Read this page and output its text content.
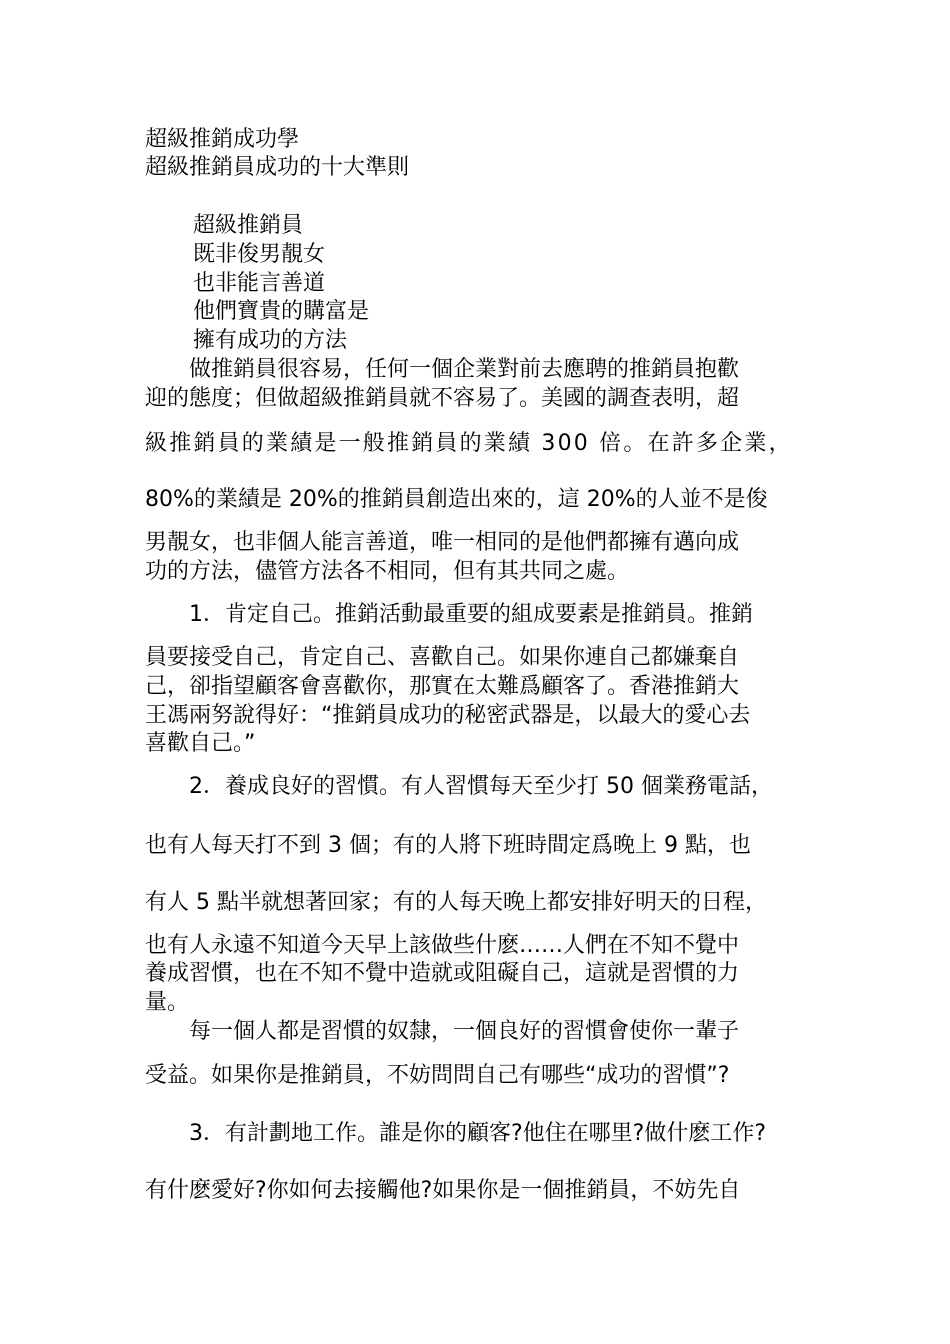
超級推銷成功學
超級推銷員成功的十大準則
超級推銷員
既非俊男靚女
也非能言善道
他們寶貴的購富是
擁有成功的方法
　　做推銷員很容易，任何一個企業對前去應聘的推銷員抱歡
迎的態度；但做超級推銷員就不容易了。美國的調查表明，超
級推銷員的業績是一般推銷員的業績 300 倍。在許多企業，
80%的業績是 20%的推銷員創造出來的，這 20%的人並不是俊
男靚女，也非個人能言善道，唯一相同的是他們都擁有邁向成
功的方法，儘管方法各不相同，但有其共同之處。
　　1．肯定自己。推銷活動最重要的組成要素是推銷員。推銷
員要接受自己，肯定自己、喜歡自己。如果你連自己都嫌棄自
己，卻指望顧客會喜歡你，那實在太難爲顧客了。香港推銷大
王馮兩努說得好：“推銷員成功的秘密武器是，以最大的愛心去
喜歡自己。”
　　2．養成良好的習慣。有人習慣每天至少打 50 個業務電話，
也有人每天打不到 3 個；有的人將下班時間定爲晚上 9 點，也
有人 5 點半就想著回家；有的人每天晚上都安排好明天的日程，
也有人永遠不知道今天早上該做些什麽……人們在不知不覺中
養成習慣，也在不知不覺中造就或阻礙自己，這就是習慣的力
量。
　　每一個人都是習慣的奴隸，一個良好的習慣會使你一輩子
受益。如果你是推銷員，不妨問問自己有哪些“成功的習慣”?
　　3．有計劃地工作。誰是你的顧客?他住在哪里?做什麽工作?
有什麽愛好?你如何去接觸他?如果你是一個推銷員，不妨先自
